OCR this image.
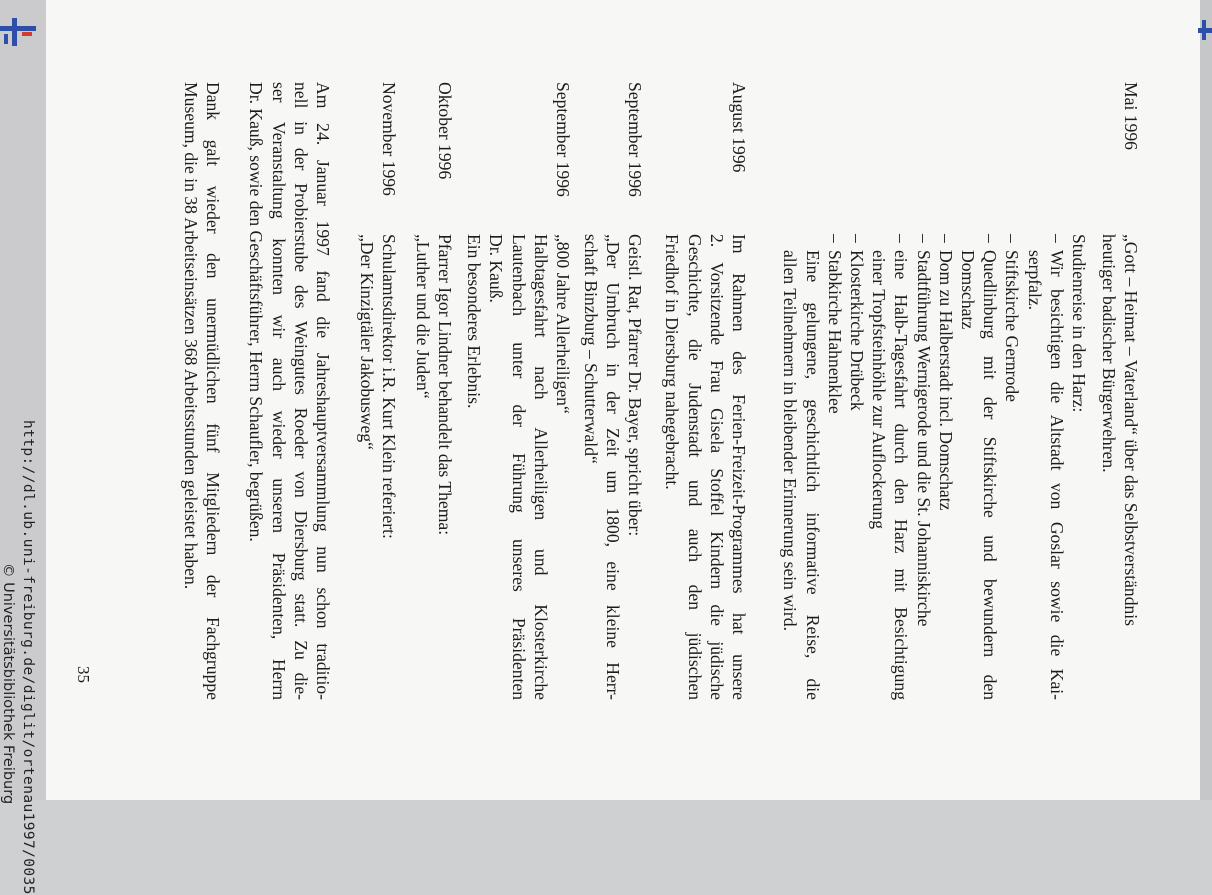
„Gott – Heimat – Vaterland“ über das Selbstverständnis
heutiger badischer Bürgerwehren.
Mai 1996
Studienreise in den Harz:
– Wir besichtigen die Altstadt von Goslar sowie die Kai-
serpfalz.
– Stiftskirche Gernrode
– Quedlinburg mit der Stiftskirche und bewundern den
Domschatz
– Dom zu Halberstadt incl. Domschatz
– Stadtführung Wernigerode und die St. Johanniskirche
– eine Halb-Tagesfahrt durch den Harz mit Besichtigung
einer Tropfsteinhöhle zur Auflockerung
– Klosterkirche Drübeck
– Stabkirche Hahnenklee
Eine gelungene, geschichtlich informative Reise, die
allen Teilnehmern in bleibender Erinnerung sein wird.
August 1996
Im Rahmen des Ferien-Freizeit-Programmes hat unsere
2. Vorsitzende Frau Gisela Stoffel Kindern die jüdische
Geschichte, die Judenstadt und auch den jüdischen
Friedhof in Diersburg nahegebracht.
September 1996
Geistl. Rat, Pfarrer Dr. Bayer, spricht über:
„Der Umbruch in der Zeit um 1800, eine kleine Herr-
schaft Binzburg – Schutterwald“
September 1996
„800 Jahre Allerheiligen“
Halbtagesfahrt nach Allerheiligen und Klosterkirche
Lautenbach unter der Führung unseres Präsidenten
Dr. Kauß.
Ein besonderes Erlebnis.
Oktober 1996
Pfarrer Igor Lindner behandelt das Thema:
„Luther und die Juden“
November 1996
Schulamtsdirektor i.R. Kurt Klein referiert:
„Der Kinzigtäler Jakobusweg“
Am 24. Januar 1997 fand die Jahreshauptversammlung nun schon traditio-
nell in der Probierstube des Weingutes Roeder von Diersburg statt. Zu die-
ser Veranstaltung konnten wir auch wieder unseren Präsidenten, Herrn
Dr. Kauß, sowie den Geschäftsführer, Herrn Schaufler, begrüßen.
Dank galt wieder den unermüdlichen fünf Mitgliedern der Fachgruppe
Museum, die in 38 Arbeitseinsätzen 368 Arbeitsstunden geleistet haben.
35
http://dl.ub.uni-freiburg.de/diglit/ortenau1997/0035
© Universitätsbibliothek Freiburg
